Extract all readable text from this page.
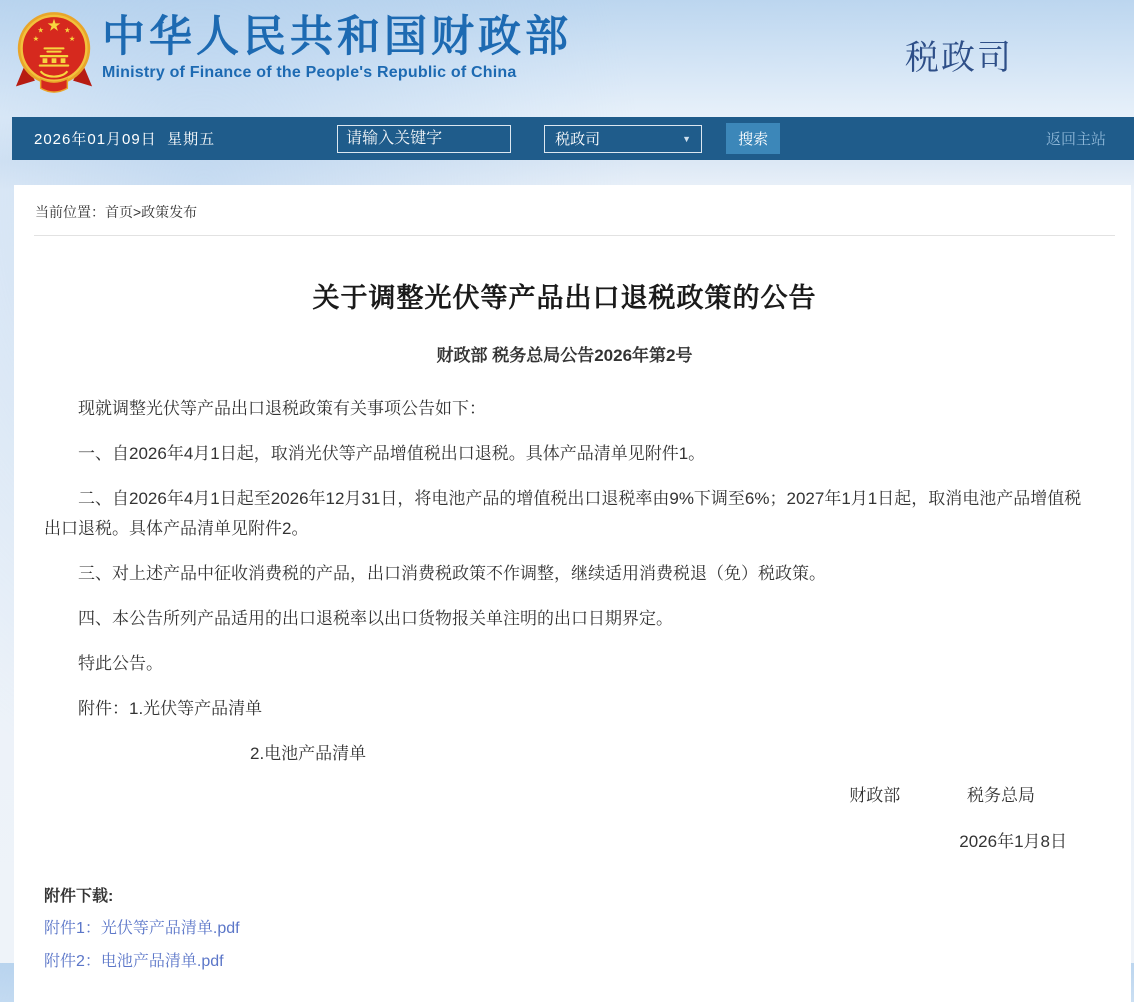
中华人民共和国财政部
Ministry of Finance of the People's Republic of China	税政司
2026年01月09日  星期五
请输入关键字	税政司	▼	搜索	返回主站
当前位置：首页>政策发布
关于调整光伏等产品出口退税政策的公告
财政部 税务总局公告2026年第2号

现就调整光伏等产品出口退税政策有关事项公告如下：

一、自2026年4月1日起，取消光伏等产品增值税出口退税。具体产品清单见附件1。

二、自2026年4月1日起至2026年12月31日，将电池产品的增值税出口退税率由9%下调至6%；2027年1月1日起，取消电池产品增值税出口退税。具体产品清单见附件2。

三、对上述产品中征收消费税的产品，出口消费税政策不作调整，继续适用消费税退（免）税政策。

四、本公告所列产品适用的出口退税率以出口货物报关单注明的出口日期界定。

特此公告。

附件：1.光伏等产品清单

2.电池产品清单
财政部	税务总局
2026年1月8日
附件下载:
附件1：光伏等产品清单.pdf
附件2：电池产品清单.pdf
